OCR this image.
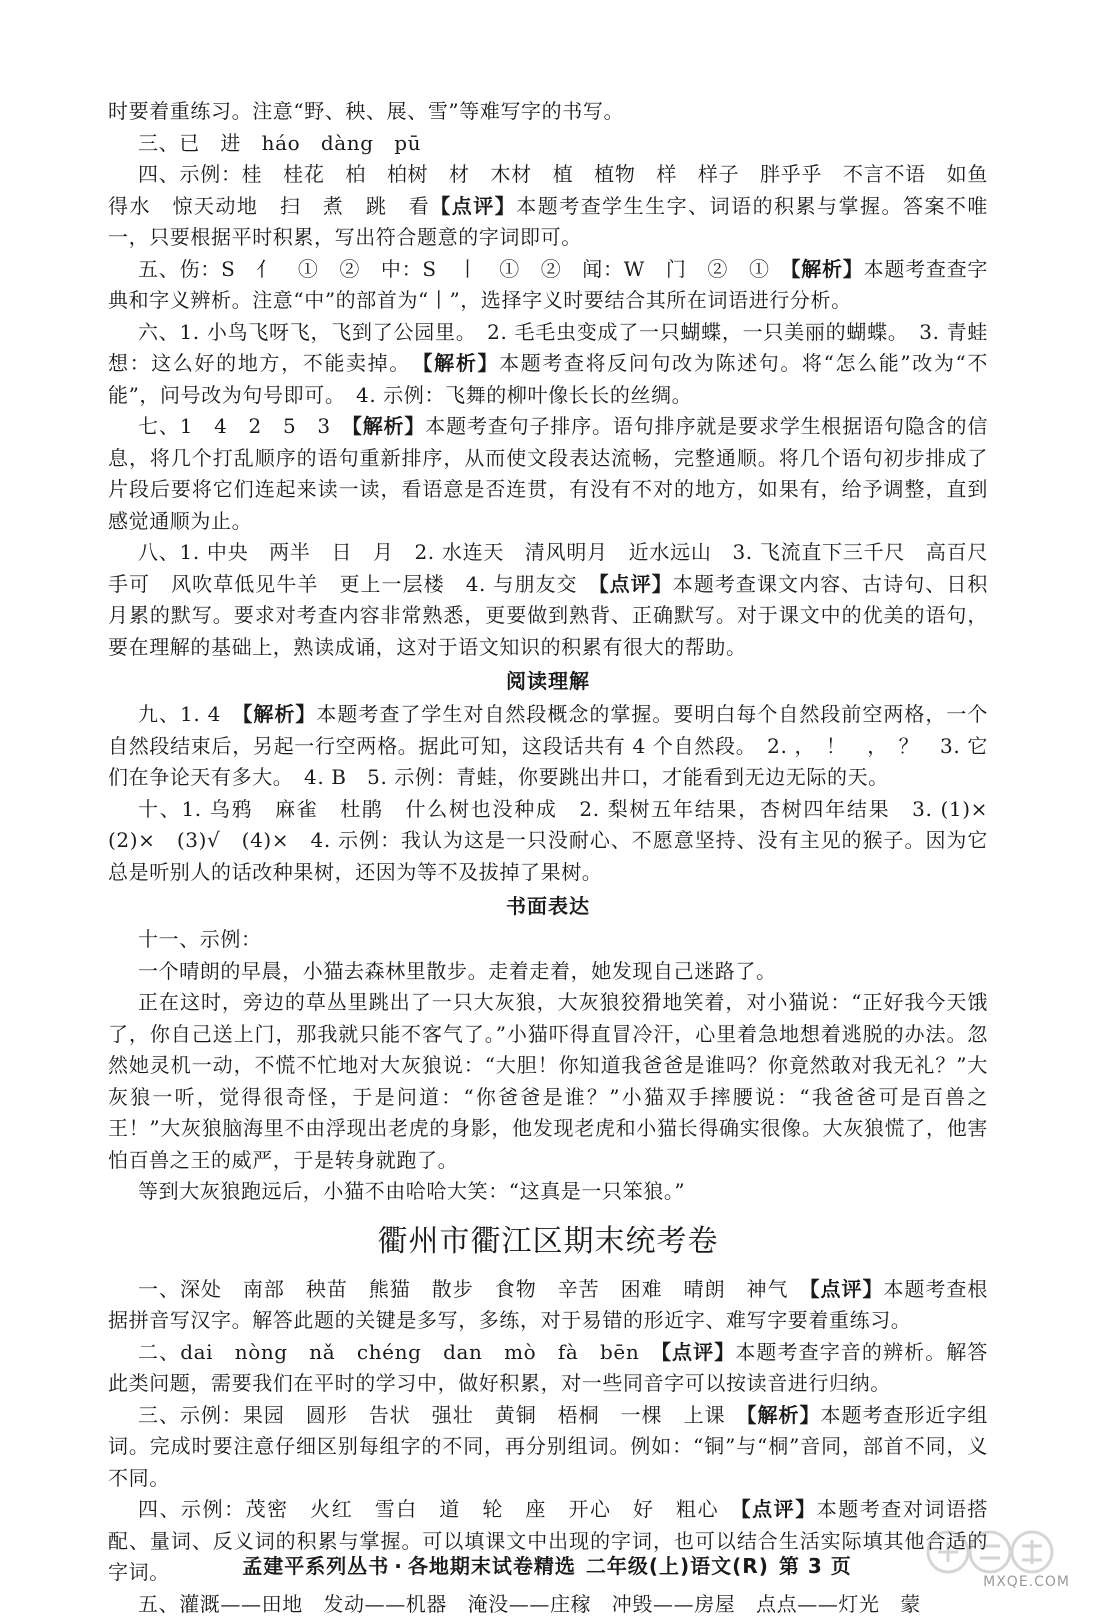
时要着重练习。注意“野、秧、展、雪”等难写字的书写。

三、已　进　háo　dàng　pū

四、示例：桂　桂花　柏　柏树　材　木材　植　植物　样　样子　胖乎乎　不言不语　如鱼得水　惊天动地　扫　煮　跳　看【点评】本题考查学生生字、词语的积累与掌握。答案不唯一，只要根据平时积累，写出符合题意的字词即可。

五、伤：S　亻　①　②　中：S　丨　①　②　闻：W　门　②　①　 【解析】本题考查查字典和字义辨析。注意“中”的部首为“丨”，选择字义时要结合其所在词语进行分析。

六、1. 小鸟飞呀飞，飞到了公园里。　2. 毛毛虫变成了一只蝴蝶，一只美丽的蝴蝶。　3. 青蛙想：这么好的地方，不能卖掉。　 【解析】本题考查将反问句改为陈述句。将“怎么能”改为“不能”，问号改为句号即可。　4. 示例：飞舞的柳叶像长长的丝绸。

七、1　4　2　5　3　 【解析】本题考查句子排序。语句排序就是要求学生根据语句隐含的信息，将几个打乱顺序的语句重新排序，从而使文段表达流畅，完整通顺。将几个语句初步排成了片段后要将它们连起来读一读，看语意是否连贯，有没有不对的地方，如果有，给予调整，直到感觉通顺为止。

八、1. 中央　两半　日　月　2. 水连天　清风明月　近水远山　3. 飞流直下三千尺　高百尺　手可　风吹草低见牛羊　更上一层楼　4. 与朋友交　 【点评】本题考查课文内容、古诗句、日积月累的默写。要求对考查内容非常熟悉，更要做到熟背、正确默写。对于课文中的优美的语句，要在理解的基础上，熟读成诵，这对于语文知识的积累有很大的帮助。

阅读理解

九、1. 4　 【解析】本题考查了学生对自然段概念的掌握。要明白每个自然段前空两格，一个自然段结束后，另起一行空两格。据此可知，这段话共有 4 个自然段。　2. ，　！　，　？　3. 它们在争论天有多大。　4. B　5. 示例：青蛙，你要跳出井口，才能看到无边无际的天。

十、1. 乌鸦　麻雀　杜鹃　什么树也没种成　2. 梨树五年结果，杏树四年结果　3. (1)×　(2)×　(3)√　(4)×　4. 示例：我认为这是一只没耐心、不愿意坚持、没有主见的猴子。因为它总是听别人的话改种果树，还因为等不及拔掉了果树。

书面表达

十一、示例：

一个晴朗的早晨，小猫去森林里散步。走着走着，她发现自己迷路了。

正在这时，旁边的草丛里跳出了一只大灰狼，大灰狼狡猾地笑着，对小猫说：“正好我今天饿了，你自己送上门，那我就只能不客气了。”小猫吓得直冒冷汗，心里着急地想着逃脱的办法。忽然她灵机一动，不慌不忙地对大灰狼说：“大胆！你知道我爸爸是谁吗？你竟然敢对我无礼？”大灰狼一听，觉得很奇怪，于是问道：“你爸爸是谁？”小猫双手摔腰说：“我爸爸可是百兽之王！”大灰狼脑海里不由浮现出老虎的身影，他发现老虎和小猫长得确实很像。大灰狼慌了，他害怕百兽之王的威严，于是转身就跑了。

等到大灰狼跑远后，小猫不由哈哈大笑：“这真是一只笨狼。”

衢州市衢江区期末统考卷

一、深处　南部　秧苗　熊猫　散步　食物　辛苦　困难　晴朗　神气　 【点评】本题考查根据拼音写汉字。解答此题的关键是多写，多练，对于易错的形近字、难写字要着重练习。

二、dai　nòng　nǎ　chéng　dan　mò　fà　bēn　 【点评】本题考查字音的辨析。解答此类问题，需要我们在平时的学习中，做好积累，对一些同音字可以按读音进行归纳。

三、示例：果园　圆形　告状　强壮　黄铜　梧桐　一棵　上课　 【解析】本题考查形近字组词。完成时要注意仔细区别每组字的不同，再分别组词。例如：“铜”与“桐”音同，部首不同，义不同。

四、示例：茂密　火红　雪白　道　轮　座　开心　好　粗心　 【点评】本题考查对词语搭配、量词、反义词的积累与掌握。可以填课文中出现的字词，也可以结合生活实际填其他合适的字词。

五、灌溉——田地　发动——机器　淹没——庄稼　冲毁——房屋　点点——灯光　蒙

孟建平系列丛书 · 各地期末试卷精选 二年级(上)语文(R) 第 3 页
MXQE.COM
